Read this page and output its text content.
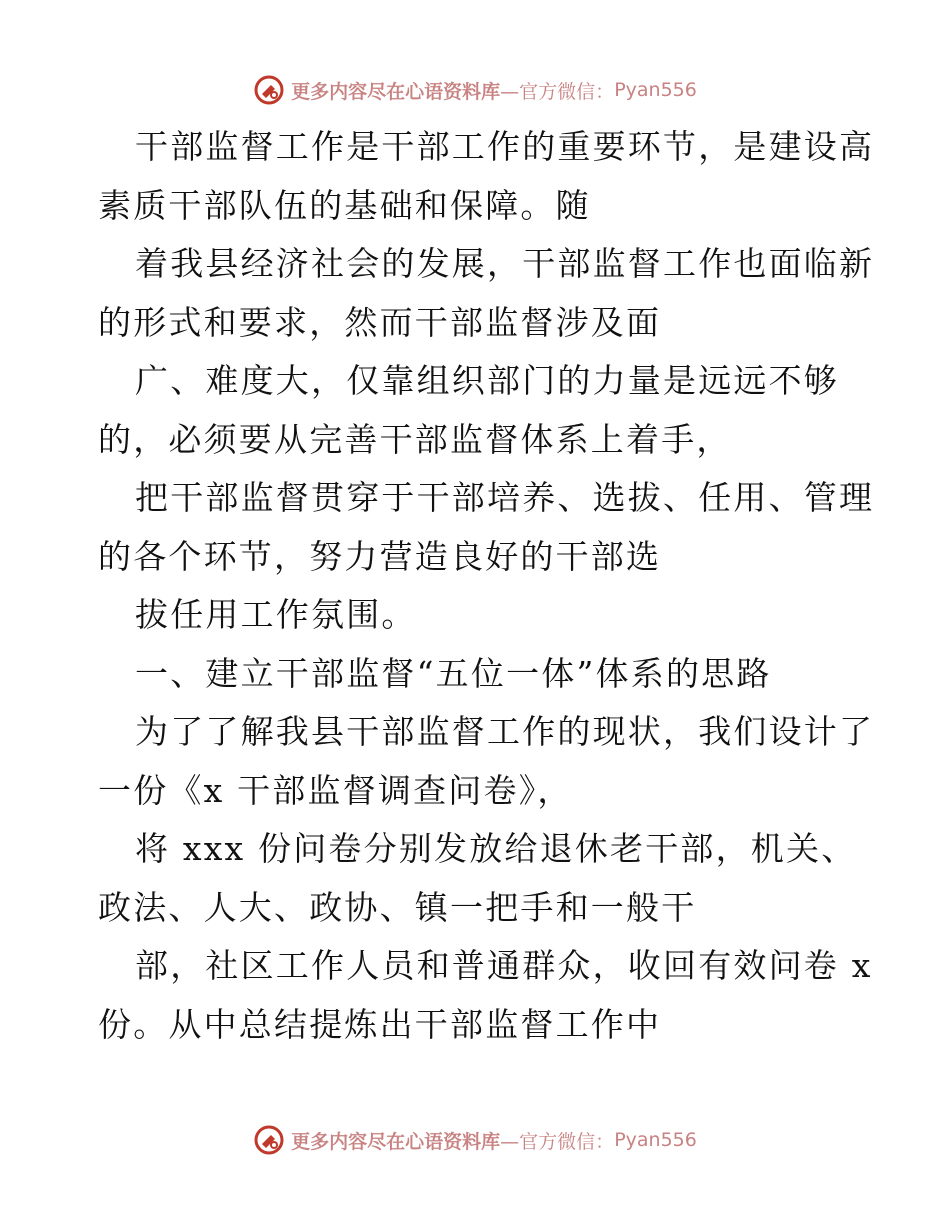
更多内容尽在心语资料库 —官方微信： Pyan556
干部监督工作是干部工作的重要环节，是建设高
素质干部队伍的基础和保障。随
着我县经济社会的发展，干部监督工作也面临新
的形式和要求，然而干部监督涉及面
广、难度大，仅靠组织部门的力量是远远不够
的，必须要从完善干部监督体系上着手，
把干部监督贯穿于干部培养、选拔、任用、管理
的各个环节，努力营造良好的干部选
拔任用工作氛围。
一、建立干部监督“五位一体”体系的思路
为了了解我县干部监督工作的现状，我们设计了
一份《x 干部监督调查问卷》，
将 xxx 份问卷分别发放给退休老干部，机关、
政法、人大、政协、镇一把手和一般干
部，社区工作人员和普通群众，收回有效问卷 x
份。从中总结提炼出干部监督工作中
更多内容尽在心语资料库 —官方微信： Pyan556
